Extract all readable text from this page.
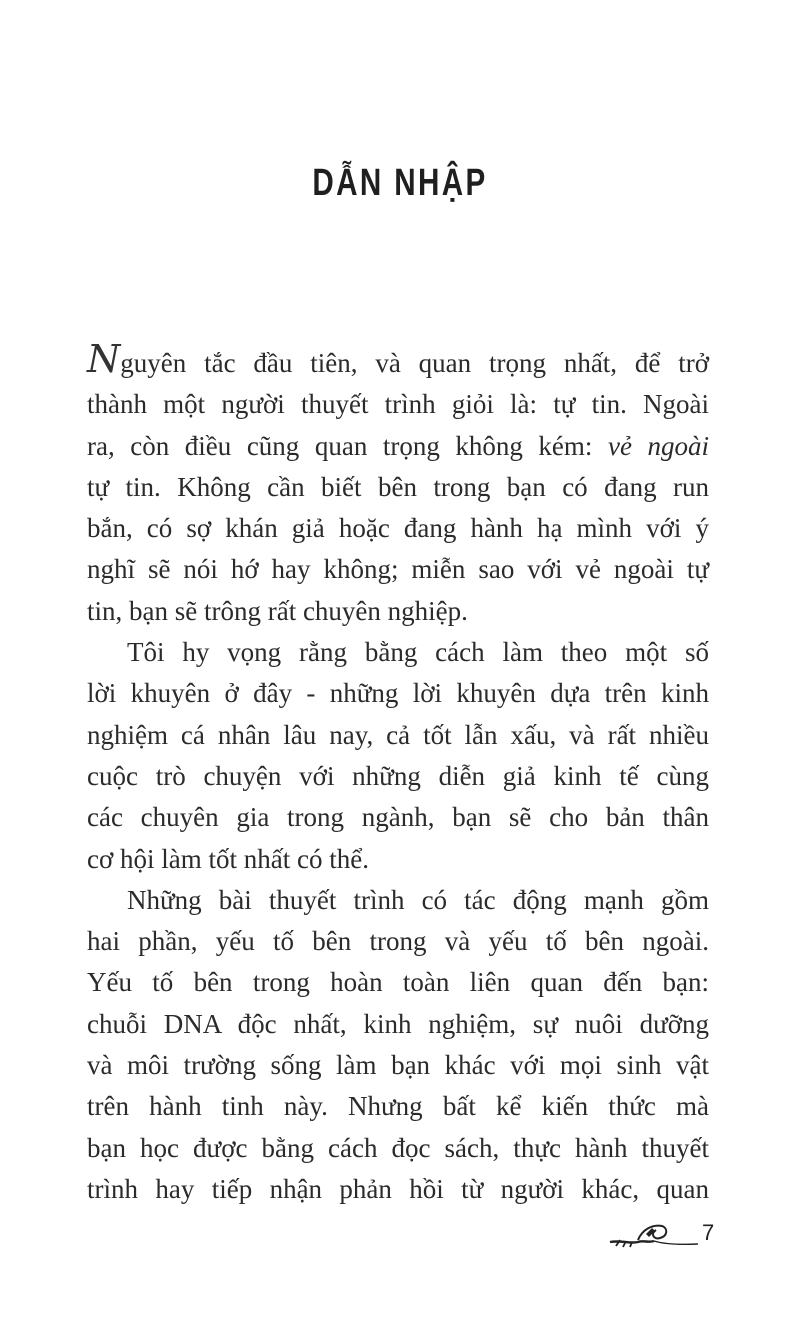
DẪN NHẬP

Nguyên tắc đầu tiên, và quan trọng nhất, để trở
thành một người thuyết trình giỏi là: tự tin. Ngoài
ra, còn điều cũng quan trọng không kém: vẻ ngoài
tự tin. Không cần biết bên trong bạn có đang run
bắn, có sợ khán giả hoặc đang hành hạ mình với ý
nghĩ sẽ nói hớ hay không; miễn sao với vẻ ngoài tự
tin, bạn sẽ trông rất chuyên nghiệp.

Tôi hy vọng rằng bằng cách làm theo một số
lời khuyên ở đây - những lời khuyên dựa trên kinh
nghiệm cá nhân lâu nay, cả tốt lẫn xấu, và rất nhiều
cuộc trò chuyện với những diễn giả kinh tế cùng
các chuyên gia trong ngành, bạn sẽ cho bản thân
cơ hội làm tốt nhất có thể.

Những bài thuyết trình có tác động mạnh gồm
hai phần, yếu tố bên trong và yếu tố bên ngoài.
Yếu tố bên trong hoàn toàn liên quan đến bạn:
chuỗi DNA độc nhất, kinh nghiệm, sự nuôi dưỡng
và môi trường sống làm bạn khác với mọi sinh vật
trên hành tinh này. Nhưng bất kể kiến thức mà
bạn học được bằng cách đọc sách, thực hành thuyết
trình hay tiếp nhận phản hồi từ người khác, quan

7
